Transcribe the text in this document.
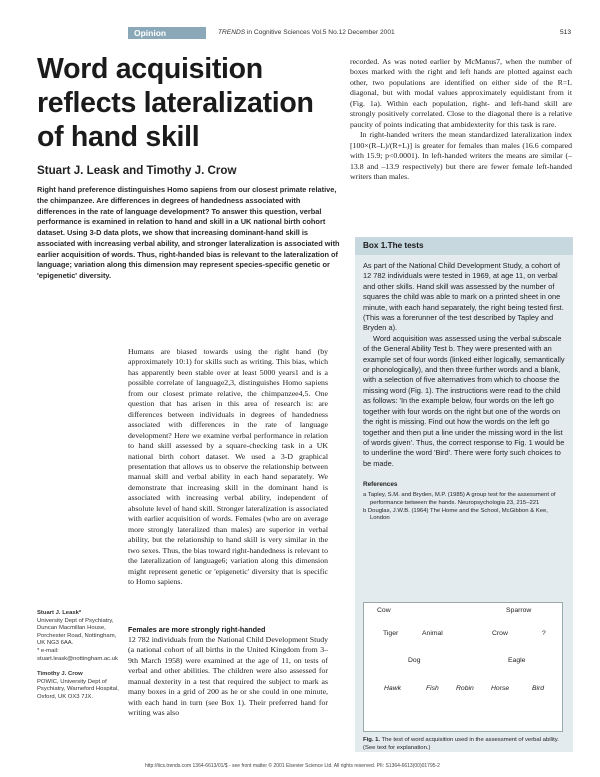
Opinion	TRENDS in Cognitive Sciences Vol.5 No.12 December 2001	513
Word acquisition reflects lateralization of hand skill
Stuart J. Leask and Timothy J. Crow
Right hand preference distinguishes Homo sapiens from our closest primate relative, the chimpanzee. Are differences in degrees of handedness associated with differences in the rate of language development? To answer this question, verbal performance is examined in relation to hand and skill in a UK national birth cohort dataset. Using 3-D data plots, we show that increasing dominant-hand skill is associated with increasing verbal ability, and stronger lateralization is associated with earlier acquisition of words. Thus, right-handed bias is relevant to the lateralization of language; variation along this dimension may represent species-specific genetic or 'epigenetic' diversity.

Humans are biased towards using the right hand (by approximately 10:1) for skills such as writing. This bias, which has apparently been stable over at least 5000 years1 and is a possible correlate of language2,3, distinguishes Homo sapiens from our closest primate relative, the chimpanzee4,5. One question that has arisen in this area of research is: are differences between individuals in degrees of handedness associated with differences in the rate of language development? Here we examine verbal performance in relation to hand skill assessed by a square-checking task in a UK national birth cohort dataset. We used a 3-D graphical presentation that allows us to observe the relationship between manual skill and verbal ability in each hand separately. We demonstrate that increasing skill in the dominant hand is associated with increasing verbal ability, independent of absolute level of hand skill. Stronger lateralization is associated with earlier acquisition of words. Females (who are on average more strongly lateralized than males) are superior in verbal ability, but the relationship to hand skill is very similar in the two sexes. Thus, the bias toward right-handedness is relevant to the lateralization of language6; variation along this dimension might represent genetic or 'epigenetic' diversity that is specific to Homo sapiens.

Females are more strongly right-handed

12 782 individuals from the National Child Development Study (a national cohort of all births in the United Kingdom from 3–9th March 1958) were examined at the age of 11, on tests of verbal and other abilities. The children were also assessed for manual dexterity in a test that required the subject to mark as many boxes in a grid of 200 as he or she could in one minute, with each hand in turn (see Box 1). Their preferred hand for writing was also

Stuart J. Leask*
University Dept of Psychiatry, Duncan Macmillan House, Porchester Road, Nottingham, UK NG3 6AA.
* e-mail: stuart.leask@nottingham.ac.uk
Timothy J. Crow
POWIC, University Dept of Psychiatry, Warneford Hospital, Oxford, UK OX3 7JX.

recorded. As was noted earlier by McManus7, when the number of boxes marked with the right and left hands are plotted against each other, two populations are identified on either side of the R=L diagonal, but with modal values approximately equidistant from it (Fig. 1a). Within each population, right- and left-hand skill are strongly positively correlated. Close to the diagonal there is a relative paucity of points indicating that ambidexterity for this task is rare.

In right-handed writers the mean standardized lateralization index [100×(R–L)/(R+L)] is greater for females than males (16.6 compared with 15.9; p<0.0001). In left-handed writers the means are similar (–13.8 and –13.9 respectively) but there are fewer female left-handed writers than males.

Box 1.The tests

As part of the National Child Development Study, a cohort of 12 782 individuals were tested in 1969, at age 11, on verbal and other skills. Hand skill was assessed by the number of squares the child was able to mark on a printed sheet in one minute, with each hand separately, the right being tested first. (This was a forerunner of the test described by Tapley and Bryden a).

Word acquisition was assessed using the verbal subscale of the General Ability Test b. They were presented with an example set of four words (linked either logically, semantically or phonologically), and then three further words and a blank, with a selection of five alternatives from which to choose the missing word (Fig. 1). The instructions were read to the child as follows: 'In the example below, four words on the left go together with four words on the right but one of the words on the right is missing. Find out how the words on the left go together and then put a line under the missing word in the list of words given'. Thus, the correct response to Fig. 1 would be to underline the word 'Bird'. There were forty such choices to be made.

References
a Tapley, S.M. and Bryden, M.P. (1985) A group test for the assessment of performance between the hands. Neuropsychologia 23, 215–221
b Douglas, J.W.B. (1964) The Home and the School, McGibbon & Kee, London
Cow	Sparrow
Tiger	Animal	Crow	?
Dog	Eagle
Hawk	Fish	Robin	Horse	Bird
Fig. 1. The test of word acquisition used in the assessment of verbal ability. (See text for explanation.)
http://tics.trends.com 1364-6613/01/$ - see front matter © 2001 Elsevier Science Ltd. All rights reserved. PII: S1364-6613(00)01795-2
